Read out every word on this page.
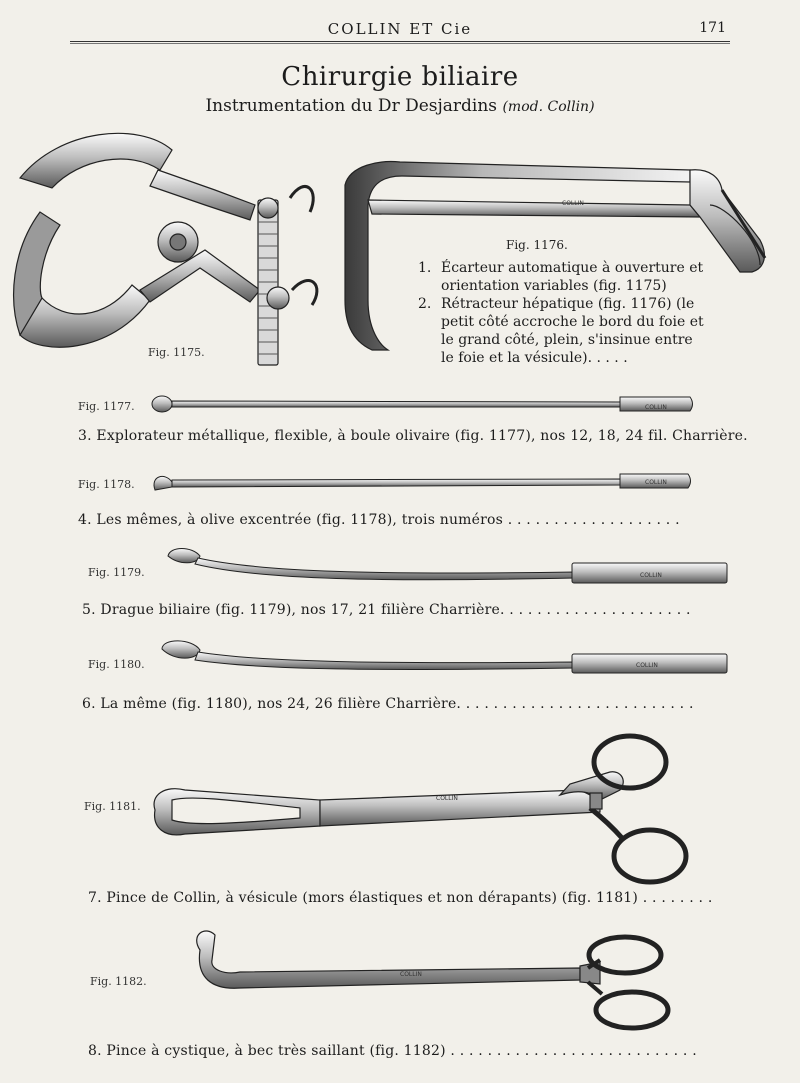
COLLIN ET Cie	171
Chirurgie biliaire
Instrumentation du Dr Desjardins (mod. Collin)
COLLIN
COLLIN
COLLIN
COLLIN
COLLIN
COLLIN
COLLIN
Fig. 1175.
Fig. 1176.
1. Écarteur automatique à ouverture et orientation variables (fig. 1175)
2. Rétracteur hépatique (fig. 1176) (le petit côté accroche le bord du foie et le grand côté, plein, s'insinue entre le foie et la vésicule). . . . .
Fig. 1177.
3. Explorateur métallique, flexible, à boule olivaire (fig. 1177), nos 12, 18, 24 fil. Charrière.
Fig. 1178.
4. Les mêmes, à olive excentrée (fig. 1178), trois numéros . . . . . . . . . . . . . . . . . . .
Fig. 1179.
5. Drague biliaire (fig. 1179), nos 17, 21 filière Charrière. . . . . . . . . . . . . . . . . . . . .
Fig. 1180.
6. La même (fig. 1180), nos 24, 26 filière Charrière. . . . . . . . . . . . . . . . . . . . . . . . . .
Fig. 1181.
7. Pince de Collin, à vésicule (mors élastiques et non dérapants) (fig. 1181) . . . . . . . .
Fig. 1182.
8. Pince à cystique, à bec très saillant (fig. 1182) . . . . . . . . . . . . . . . . . . . . . . . . . . .
